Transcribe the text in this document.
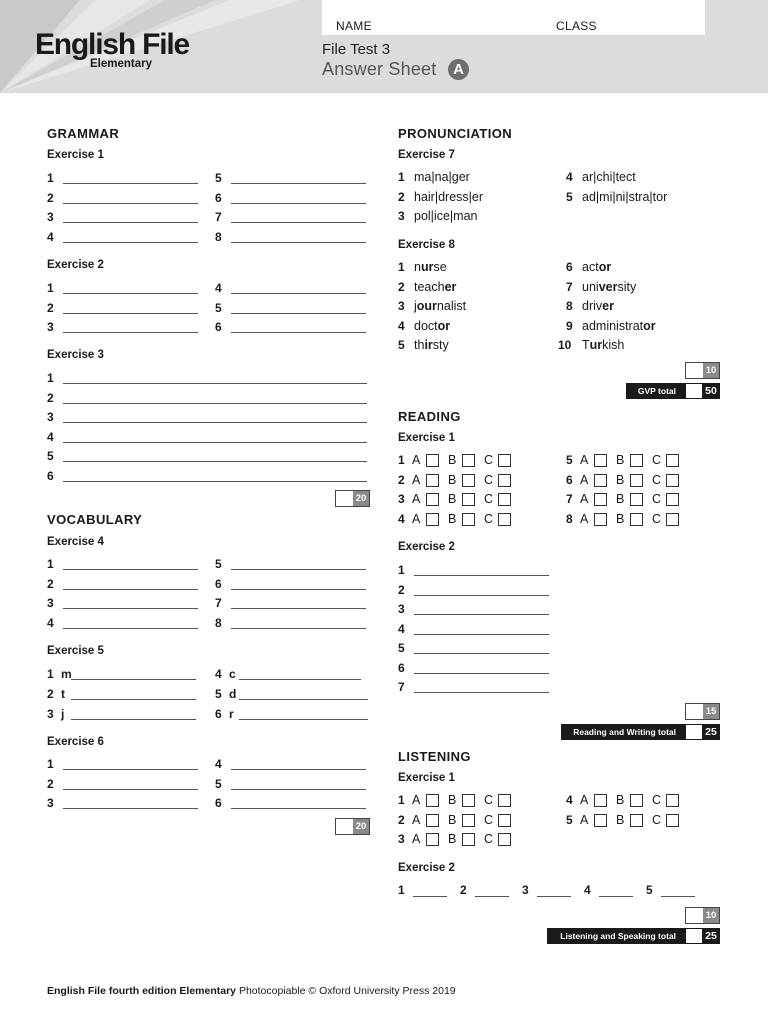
NAME	CLASS
English File
Elementary
File Test 3
Answer Sheet	A
GRAMMAR
Exercise 1
1
2
3
4
5
6
7
8
Exercise 2
1
2
3
4
5
6
Exercise 3
1
2
3
4
5
6
20
VOCABULARY
Exercise 4
1
2
3
4
5
6
7
8
Exercise 5
1 m
2 t
3 j
4 c
5 d
6 r
Exercise 6
1
2
3
4
5
6
20
PRONUNCIATION
Exercise 7
1 ma|na|ger
2 hair|dress|er
3 pol|ice|man
4 ar|chi|tect
5 ad|mi|ni|stra|tor
Exercise 8
1 nurse
2 teacher
3 journalist
4 doctor
5 thirsty
6 actor
7 university
8 driver
9 administrator
10 Turkish
10
GVP total	50
READING
Exercise 1
1 A B C
2 A B C
3 A B C
4 A B C
5 A B C
6 A B C
7 A B C
8 A B C
Exercise 2
1
2
3
4
5
6
7
15
Reading and Writing total	25
LISTENING
Exercise 1
1 A B C
2 A B C
3 A B C
4 A B C
5 A B C
Exercise 2
1	2	3	4	5
10
Listening and Speaking total	25
English File fourth edition Elementary Photocopiable © Oxford University Press 2019
